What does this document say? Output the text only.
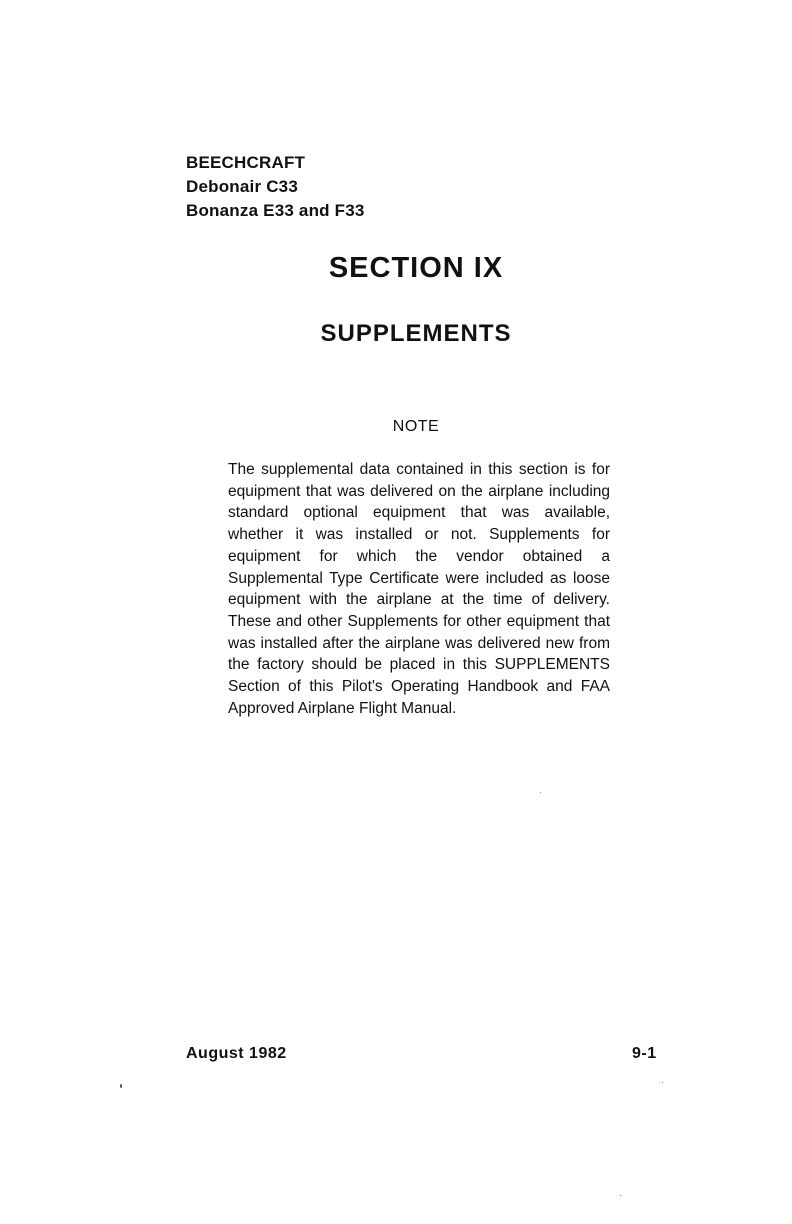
BEECHCRAFT
Debonair C33
Bonanza E33 and F33
SECTION IX
SUPPLEMENTS
NOTE
The supplemental data contained in this section is for equipment that was delivered on the airplane including standard optional equipment that was available, whether it was installed or not. Supplements for equipment for which the vendor obtained a Supplemental Type Certificate were included as loose equipment with the airplane at the time of delivery. These and other Supplements for other equipment that was installed after the airplane was delivered new from the factory should be placed in this SUPPLEMENTS Section of this Pilot's Operating Handbook and FAA Approved Airplane Flight Manual.
August 1982	9-1
